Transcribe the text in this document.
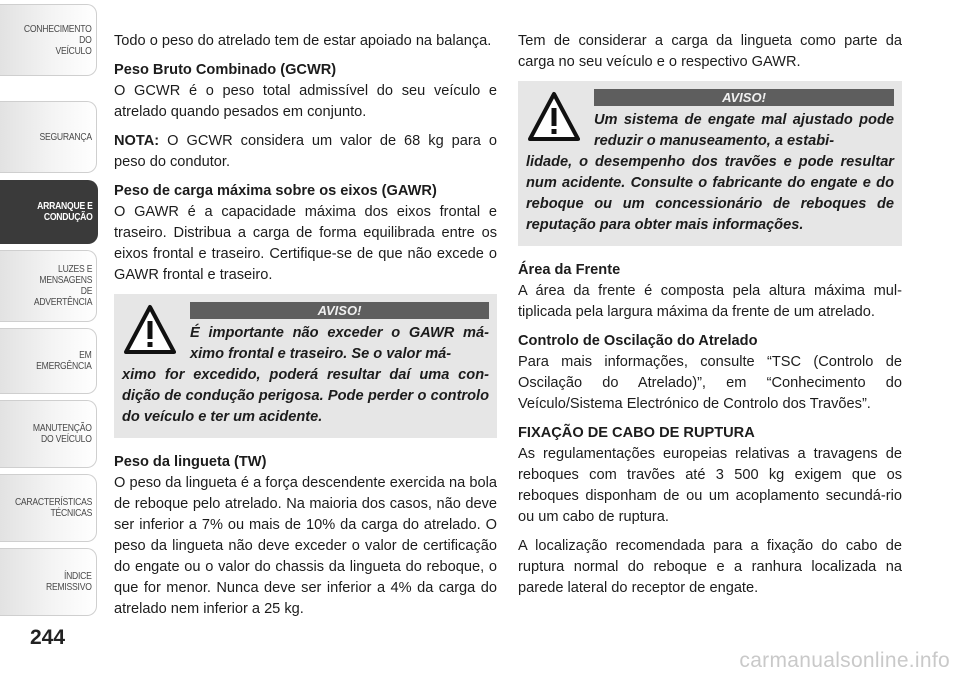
CONHECIMENTO
DO
VEÍCULO
SEGURANÇA
ARRANQUE E
CONDUÇÃO
LUZES E
MENSAGENS
DE
ADVERTÊNCIA
EM
EMERGÊNCIA
MANUTENÇÃO
DO VEÍCULO
CARACTERÍSTICAS
TÉCNICAS
ÍNDICE
REMISSIVO
244
carmanualsonline.info

Todo o peso do atrelado tem de estar apoiado na balança.

Peso Bruto Combinado (GCWR)

O GCWR é o peso total admissível do seu veículo e atrelado quando pesados em conjunto.

NOTA: O GCWR considera um valor de 68 kg para o peso do condutor.

Peso de carga máxima sobre os eixos (GAWR)

O GAWR é a capacidade máxima dos eixos frontal e traseiro. Distribua a carga de forma equilibrada entre os eixos frontal e traseiro. Certifique-se de que não excede o GAWR frontal e traseiro.

AVISO!

É importante não exceder o GAWR má-ximo frontal e traseiro. Se o valor má-

ximo for excedido, poderá resultar daí uma con-dição de condução perigosa. Pode perder o controlo do veículo e ter um acidente.

Peso da lingueta (TW)

O peso da lingueta é a força descendente exercida na bola de reboque pelo atrelado. Na maioria dos casos, não deve ser inferior a 7% ou mais de 10% da carga do atrelado. O peso da lingueta não deve exceder o valor de certificação do engate ou o valor do chassis da lingueta do reboque, o que for menor. Nunca deve ser inferior a 4% da carga do atrelado nem inferior a 25 kg.

Tem de considerar a carga da lingueta como parte da carga no seu veículo e o respectivo GAWR.

AVISO!

Um sistema de engate mal ajustado pode reduzir o manuseamento, a estabi-

lidade, o desempenho dos travões e pode resultar num acidente. Consulte o fabricante do engate e do reboque ou um concessionário de reboques de reputação para obter mais informações.

Área da Frente

A área da frente é composta pela altura máxima mul-tiplicada pela largura máxima da frente de um atrelado.

Controlo de Oscilação do Atrelado

Para mais informações, consulte “TSC (Controlo de Oscilação do Atrelado)”, em “Conhecimento do Veículo/Sistema Electrónico de Controlo dos Travões”.

FIXAÇÃO DE CABO DE RUPTURA

As regulamentações europeias relativas a travagens de reboques com travões até 3 500 kg exigem que os reboques disponham de ou um acoplamento secundá-rio ou um cabo de ruptura.

A localização recomendada para a fixação do cabo de ruptura normal do reboque e a ranhura localizada na parede lateral do receptor de engate.
